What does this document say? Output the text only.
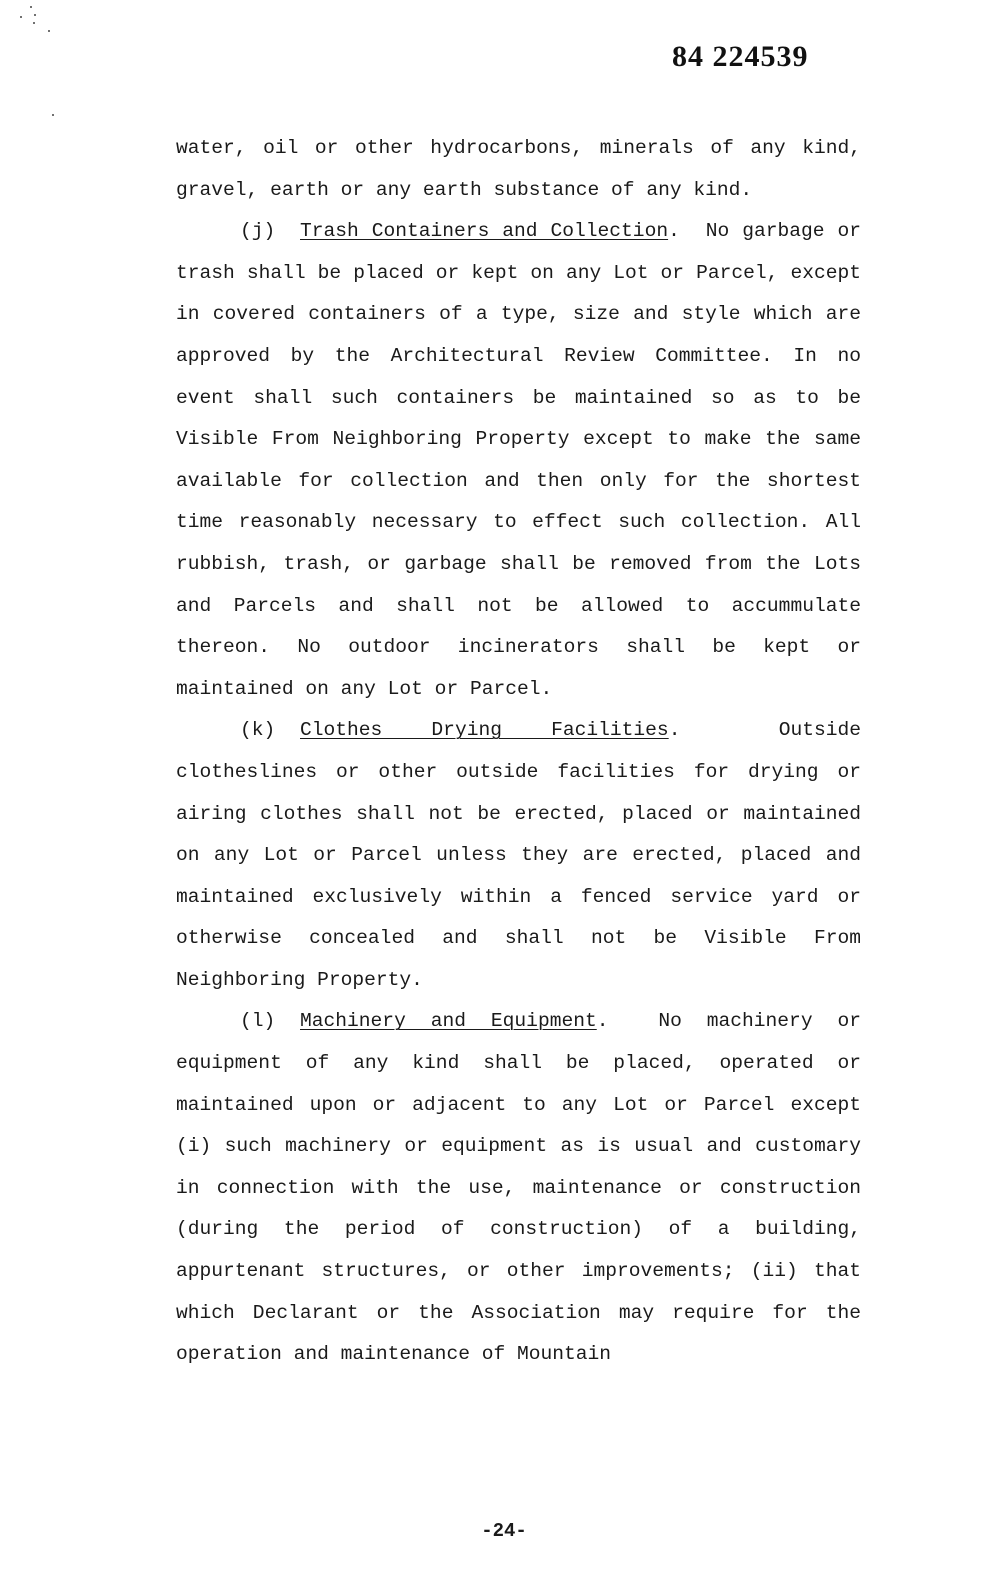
84 224539

water, oil or other hydrocarbons, minerals of any kind, gravel, earth or any earth substance of any kind.

(j) Trash Containers and Collection.  No garbage or trash shall be placed or kept on any Lot or Parcel, except in covered containers of a type, size and style which are approved by the Architectural Review Committee. In no event shall such containers be maintained so as to be Visible From Neighboring Property except to make the same available for collection and then only for the shortest time reasonably necessary to effect such collection. All rubbish, trash, or garbage shall be removed from the Lots and Parcels and shall not be allowed to accummulate thereon. No outdoor incinerators shall be kept or maintained on any Lot or Parcel.

(k) Clothes Drying Facilities.  Outside clotheslines or other outside facilities for drying or airing clothes shall not be erected, placed or maintained on any Lot or Parcel unless they are erected, placed and maintained exclusively within a fenced service yard or otherwise concealed and shall not be Visible From Neighboring Property.

(l) Machinery and Equipment.  No machinery or equipment of any kind shall be placed, operated or maintained upon or adjacent to any Lot or Parcel except (i) such machinery or equipment as is usual and customary in connection with the use, maintenance or construction (during the period of construction) of a building, appurtenant structures, or other improvements; (ii) that which Declarant or the Association may require for the operation and maintenance of Mountain

-24-
